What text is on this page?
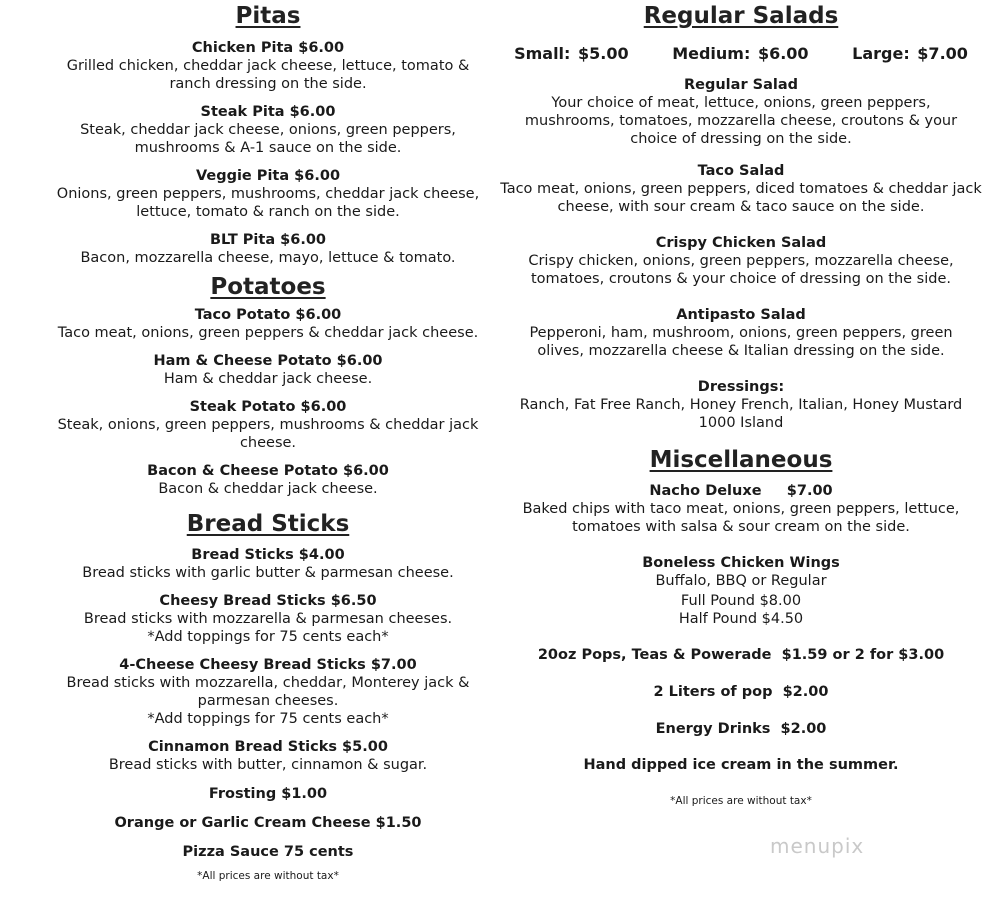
Pitas
Chicken Pita $6.00
Grilled chicken, cheddar jack cheese, lettuce, tomato &
ranch dressing on the side.
Steak Pita $6.00
Steak, cheddar jack cheese, onions, green peppers,
mushrooms & A-1 sauce on the side.
Veggie Pita $6.00
Onions, green peppers, mushrooms, cheddar jack cheese,
lettuce, tomato & ranch on the side.
BLT Pita $6.00
Bacon, mozzarella cheese, mayo, lettuce & tomato.
Potatoes
Taco Potato $6.00
Taco meat, onions, green peppers & cheddar jack cheese.
Ham & Cheese Potato $6.00
Ham & cheddar jack cheese.
Steak Potato $6.00
Steak, onions, green peppers, mushrooms & cheddar jack
cheese.
Bacon & Cheese Potato $6.00
Bacon & cheddar jack cheese.
Bread Sticks
Bread Sticks $4.00
Bread sticks with garlic butter & parmesan cheese.
Cheesy Bread Sticks $6.50
Bread sticks with mozzarella & parmesan cheeses.
*Add toppings for 75 cents each*
4-Cheese Cheesy Bread Sticks $7.00
Bread sticks with mozzarella, cheddar, Monterey jack &
parmesan cheeses.
*Add toppings for 75 cents each*
Cinnamon Bread Sticks $5.00
Bread sticks with butter, cinnamon & sugar.
Frosting $1.00
Orange or Garlic Cream Cheese $1.50
Pizza Sauce 75 cents
*All prices are without tax*
Regular Salads
Small: $5.00	Medium: $6.00	Large: $7.00
Regular Salad
Your choice of meat, lettuce, onions, green peppers,
mushrooms, tomatoes, mozzarella cheese, croutons & your
choice of dressing on the side.
Taco Salad
Taco meat, onions, green peppers, diced tomatoes & cheddar jack
cheese, with sour cream & taco sauce on the side.
Crispy Chicken Salad
Crispy chicken, onions, green peppers, mozzarella cheese,
tomatoes, croutons & your choice of dressing on the side.
Antipasto Salad
Pepperoni, ham, mushroom, onions, green peppers, green
olives, mozzarella cheese & Italian dressing on the side.
Dressings:
Ranch, Fat Free Ranch, Honey French, Italian, Honey Mustard
1000 Island
Miscellaneous
Nacho Deluxe     $7.00
Baked chips with taco meat, onions, green peppers, lettuce,
tomatoes with salsa & sour cream on the side.
Boneless Chicken Wings
Buffalo, BBQ or Regular
Full Pound $8.00
Half Pound $4.50
20oz Pops, Teas & Powerade  $1.59 or 2 for $3.00
2 Liters of pop  $2.00
Energy Drinks  $2.00
Hand dipped ice cream in the summer.
*All prices are without tax*
menupix
